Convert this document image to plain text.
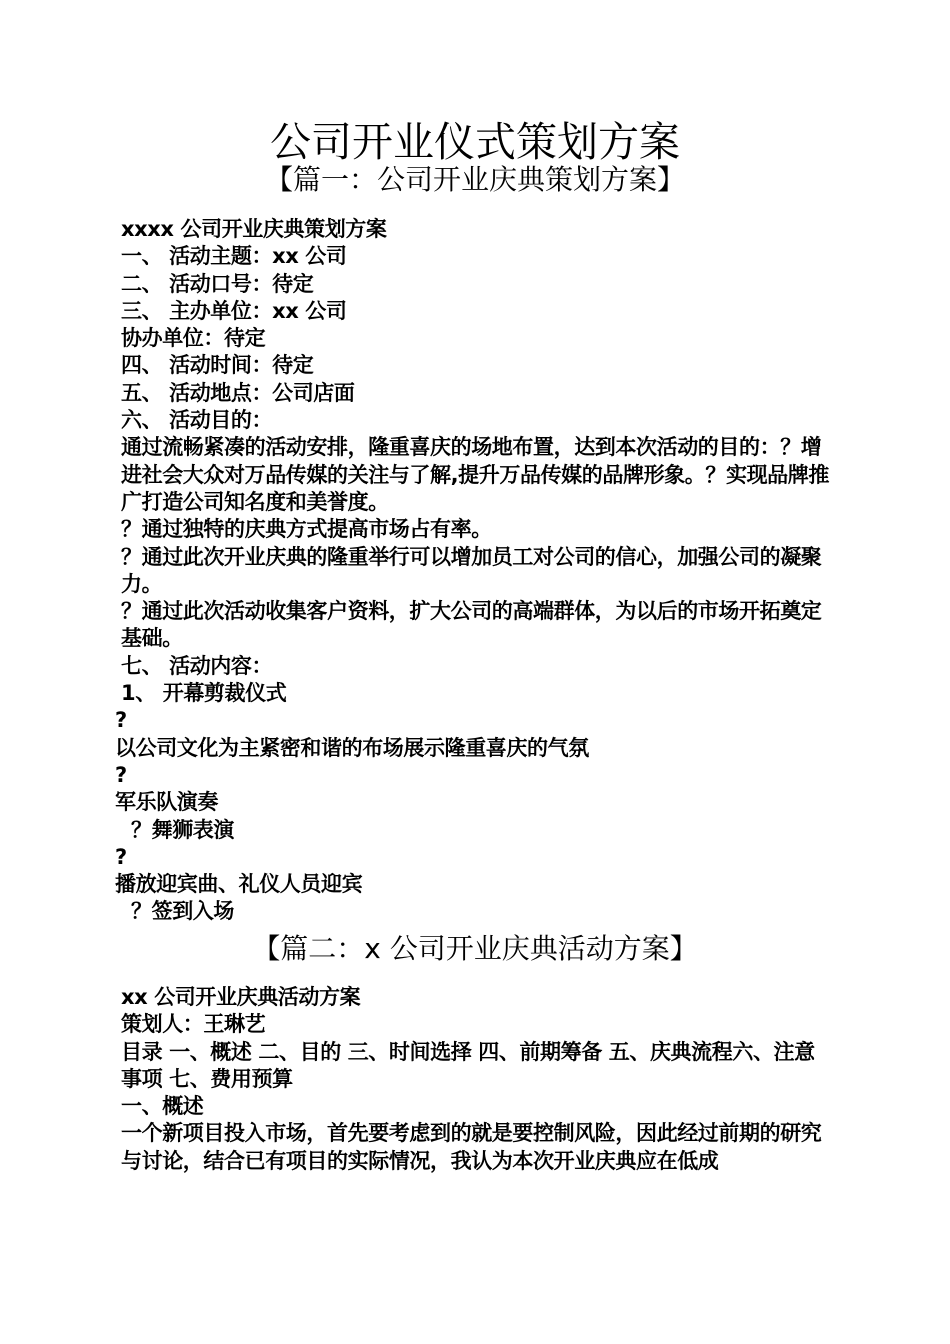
公司开业仪式策划方案
【篇一：公司开业庆典策划方案】

xxxx 公司开业庆典策划方案

一、 活动主题：xx 公司

二、 活动口号：待定

三、 主办单位：xx 公司

协办单位：待定

四、 活动时间：待定

五、 活动地点：公司店面

六、 活动目的：

通过流畅紧凑的活动安排，隆重喜庆的场地布置，达到本次活动的目的：？增进社会大众对万品传媒的关注与了解,提升万品传媒的品牌形象。？实现品牌推广打造公司知名度和美誉度。

？通过独特的庆典方式提高市场占有率。

？通过此次开业庆典的隆重举行可以增加员工对公司的信心，加强公司的凝聚力。

？通过此次活动收集客户资料，扩大公司的高端群体，为以后的市场开拓奠定基础。

七、 活动内容：

1、 开幕剪裁仪式

?

以公司文化为主紧密和谐的布场展示隆重喜庆的气氛

?

军乐队演奏

？舞狮表演

?

播放迎宾曲、礼仪人员迎宾

？签到入场

【篇二：x 公司开业庆典活动方案】

xx 公司开业庆典活动方案

策划人：王琳艺

目录 一、概述 二、目的 三、时间选择 四、前期筹备 五、庆典流程六、注意事项 七、费用预算

一、概述

一个新项目投入市场，首先要考虑到的就是要控制风险，因此经过前期的研究

与讨论，结合已有项目的实际情况，我认为本次开业庆典应在低成
